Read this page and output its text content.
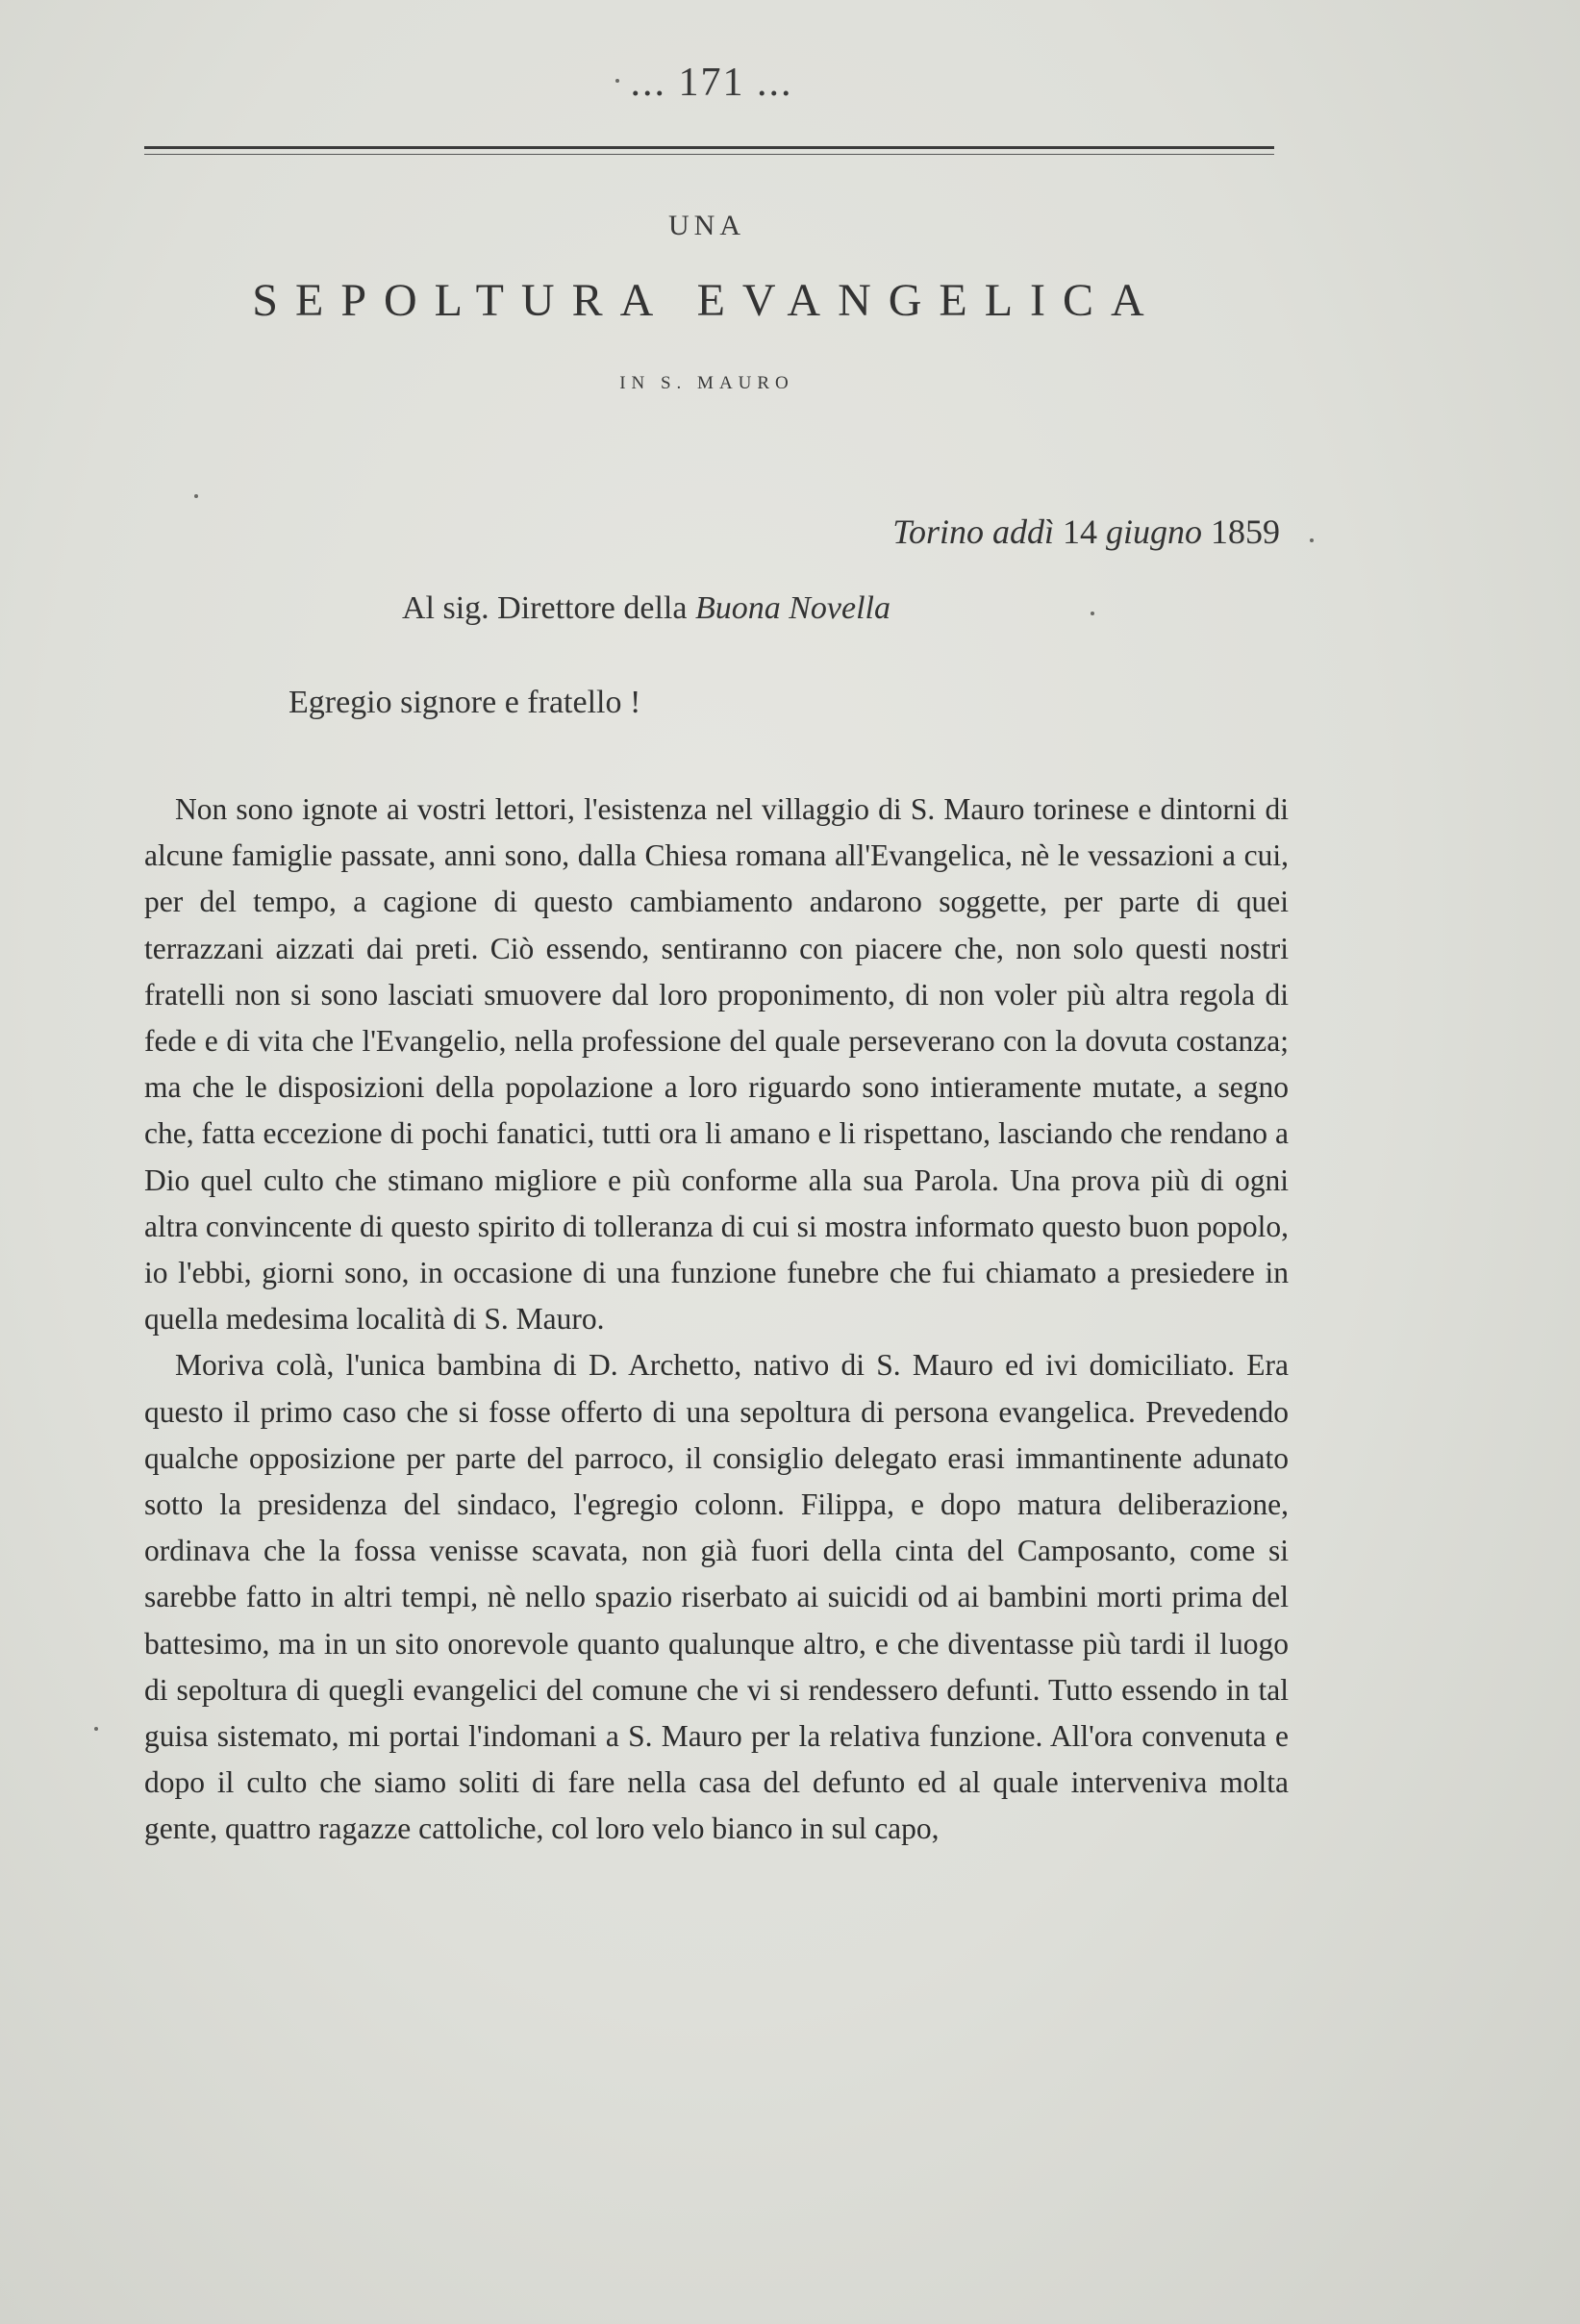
... 171 ...
UNA
SEPOLTURA EVANGELICA
IN S. MAURO
Torino addì 14 giugno 1859
Al sig. Direttore della Buona Novella
Egregio signore e fratello !

Non sono ignote ai vostri lettori, l'esistenza nel villaggio di S. Mauro torinese e dintorni di alcune famiglie passate, anni sono, dalla Chiesa romana all'Evangelica, nè le vessazioni a cui, per del tempo, a cagione di questo cambiamento andarono soggette, per parte di quei terrazzani aizzati dai preti. Ciò essendo, sentiranno con piacere che, non solo questi nostri fratelli non si sono lasciati smuovere dal loro proponimento, di non voler più altra regola di fede e di vita che l'Evangelio, nella professione del quale perseverano con la dovuta costanza; ma che le disposizioni della popolazione a loro riguardo sono intieramente mutate, a segno che, fatta eccezione di pochi fanatici, tutti ora li amano e li rispettano, lasciando che rendano a Dio quel culto che stimano migliore e più conforme alla sua Parola. Una prova più di ogni altra convincente di questo spirito di tolleranza di cui si mostra informato questo buon popolo, io l'ebbi, giorni sono, in occasione di una funzione funebre che fui chiamato a presiedere in quella medesima località di S. Mauro.

Moriva colà, l'unica bambina di D. Archetto, nativo di S. Mauro ed ivi domiciliato. Era questo il primo caso che si fosse offerto di una sepoltura di persona evangelica. Prevedendo qualche opposizione per parte del parroco, il consiglio delegato erasi immantinente adunato sotto la presidenza del sindaco, l'egregio colonn. Filippa, e dopo matura deliberazione, ordinava che la fossa venisse scavata, non già fuori della cinta del Camposanto, come si sarebbe fatto in altri tempi, nè nello spazio riserbato ai suicidi od ai bambini morti prima del battesimo, ma in un sito onorevole quanto qualunque altro, e che diventasse più tardi il luogo di sepoltura di quegli evangelici del comune che vi si rendessero defunti. Tutto essendo in tal guisa sistemato, mi portai l'indomani a S. Mauro per la relativa funzione. All'ora convenuta e dopo il culto che siamo soliti di fare nella casa del defunto ed al quale interveniva molta gente, quattro ragazze cattoliche, col loro velo bianco in sul capo,
